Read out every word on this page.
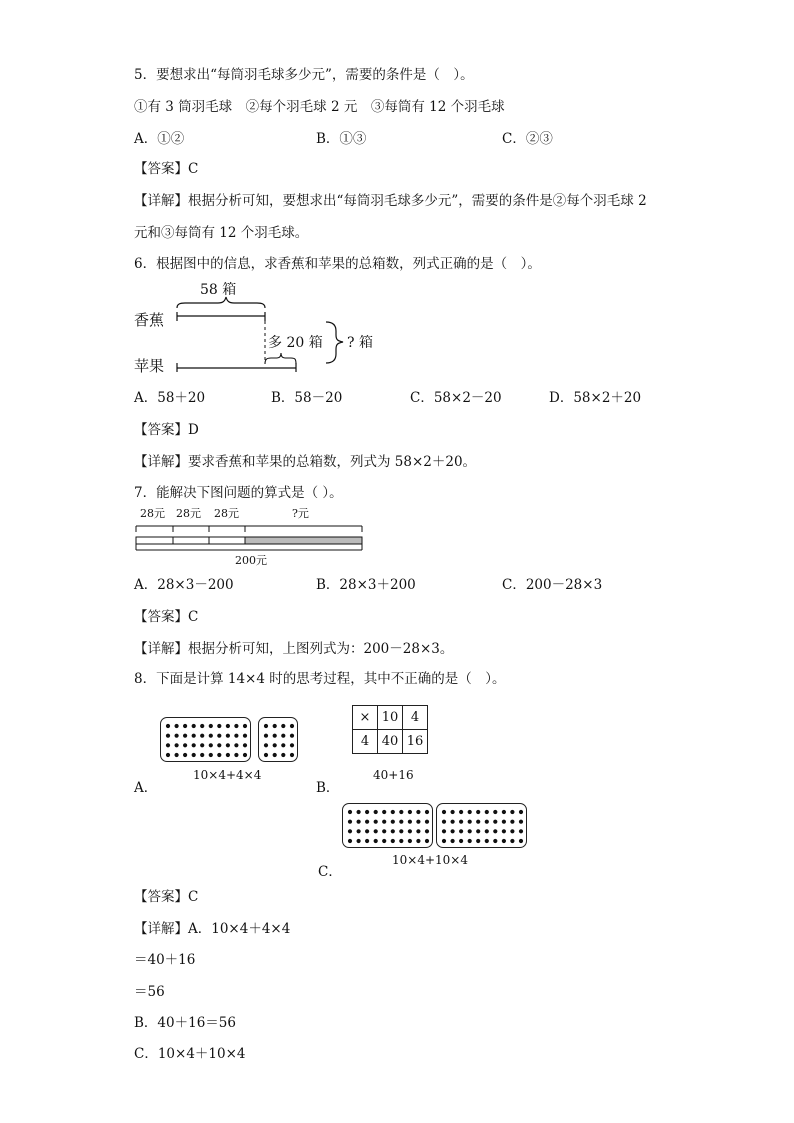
5．要想求出“每筒羽毛球多少元”，需要的条件是（　）。
①有 3 筒羽毛球　②每个羽毛球 2 元　③每筒有 12 个羽毛球
A．①②	B．①③	C．②③
【答案】C
【详解】根据分析可知，要想求出“每筒羽毛球多少元”，需要的条件是②每个羽毛球 2
元和③每筒有 12 个羽毛球。
6．根据图中的信息，求香蕉和苹果的总箱数，列式正确的是（　）。
香蕉
苹果
58 箱
多 20 箱 ? 箱
A．58＋20	B．58－20	C．58×2－20	D．58×2＋20
【答案】D
【详解】要求香蕉和苹果的总箱数，列式为 58×2＋20。
7．能解决下图问题的算式是（ ）。
28元 28元 28元	?元
200元
A．28×3－200	B．28×3＋200	C．200－28×3
【答案】C
【详解】根据分析可知，上图列式为：200－28×3。
8．下面是计算 14×4 时的思考过程，其中不正确的是（　）。
10×4+4×4
A．
×	10	4
4	40	16
40+16
B．
10×4+10×4
C．
【答案】C
【详解】A．10×4＋4×4
＝40＋16
＝56
B．40＋16＝56
C．10×4＋10×4
